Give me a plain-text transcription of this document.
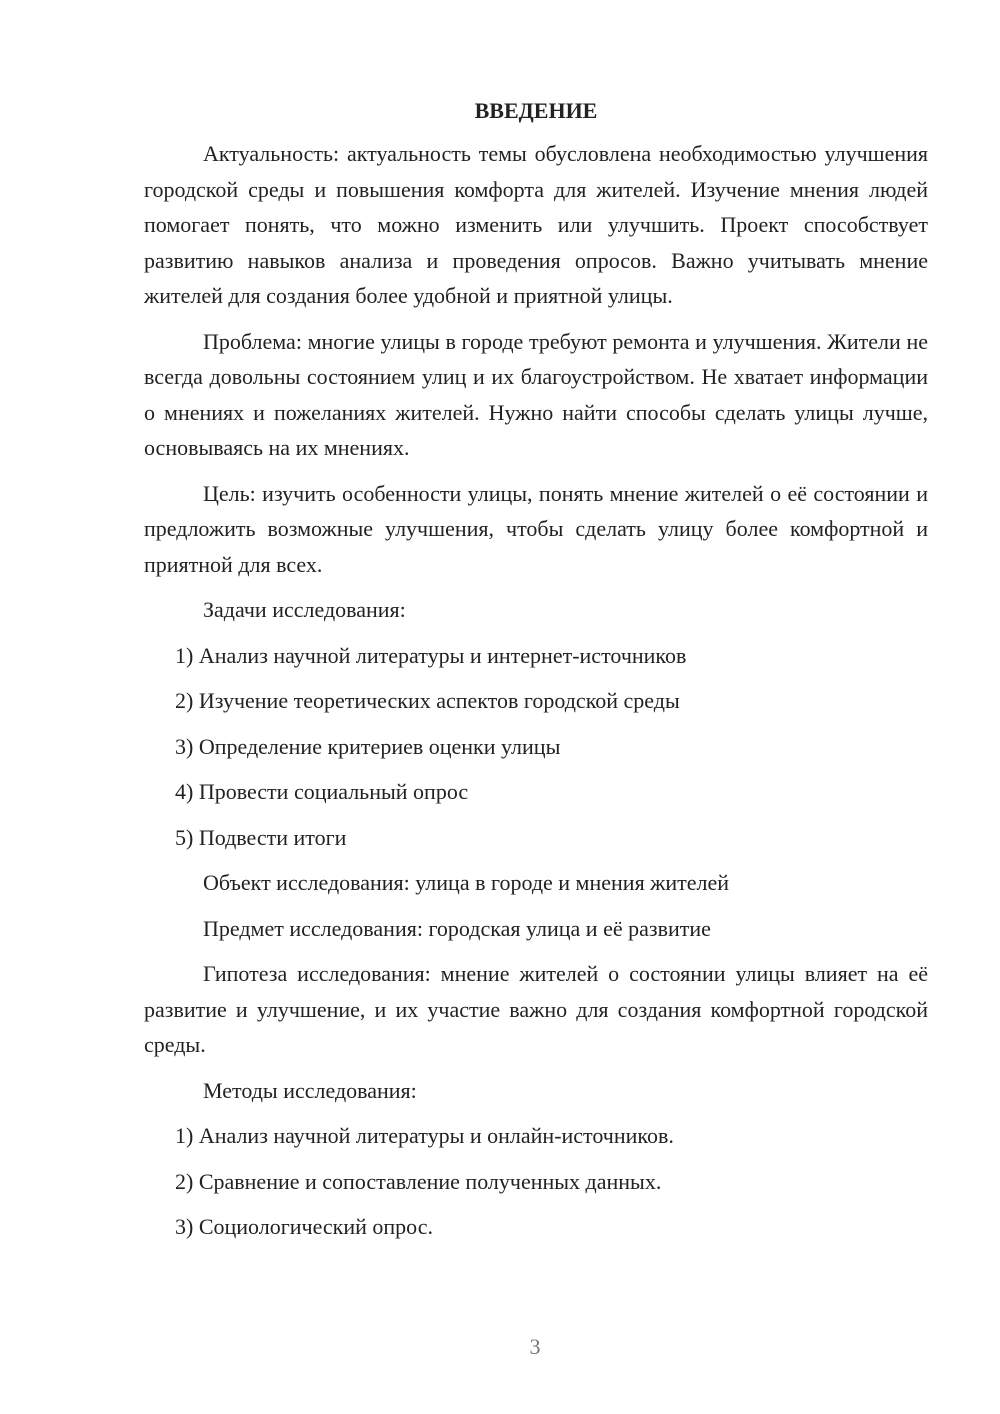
ВВЕДЕНИЕ

Актуальность: актуальность темы обусловлена необходимостью улучшения городской среды и повышения комфорта для жителей. Изучение мнения людей помогает понять, что можно изменить или улучшить. Проект способствует развитию навыков анализа и проведения опросов. Важно учитывать мнение жителей для создания более удобной и приятной улицы.

Проблема: многие улицы в городе требуют ремонта и улучшения. Жители не всегда довольны состоянием улиц и их благоустройством. Не хватает информации о мнениях и пожеланиях жителей. Нужно найти способы сделать улицы лучше, основываясь на их мнениях.

Цель: изучить особенности улицы, понять мнение жителей о её состоянии и предложить возможные улучшения, чтобы сделать улицу более комфортной и приятной для всех.

Задачи исследования:

1) Анализ научной литературы и интернет-источников

2) Изучение теоретических аспектов городской среды

3) Определение критериев оценки улицы

4) Провести социальный опрос

5) Подвести итоги

Объект исследования: улица в городе и мнения жителей

Предмет исследования: городская улица и её развитие

Гипотеза исследования: мнение жителей о состоянии улицы влияет на её развитие и улучшение, и их участие важно для создания комфортной городской среды.

Методы исследования:

1) Анализ научной литературы и онлайн-источников.

2) Сравнение и сопоставление полученных данных.

3) Социологический опрос.

3
